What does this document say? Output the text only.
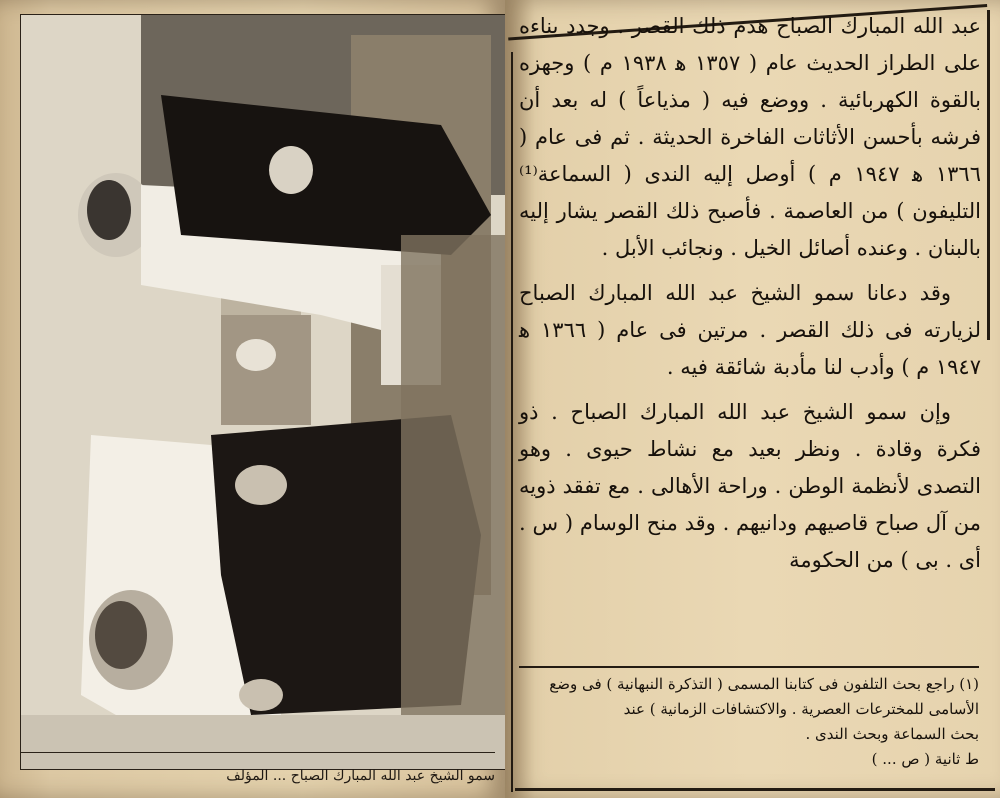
سمو الشيخ عبد الله المبارك الصباح ... المؤلف

عبد الله المبارك الصباح هدم ذلك القصر . وجدد بناءه على الطراز الحديث عام ( ١٣٥٧ ﻫ ١٩٣٨ م ) وجهزه بالقوة الكهربائية . ووضع فيه ( مذياعاً ) له بعد أن فرشه بأحسن الأثاثات الفاخرة الحديثة . ثم فى عام ( ١٣٦٦ ﻫ ١٩٤٧ م ) أوصل إليه الندى ( السماعة⁽¹⁾ التليفون ) من العاصمة . فأصبح ذلك القصر يشار إليه بالبنان . وعنده أصائل الخيل . ونجائب الأبل .

وقد دعانا سمو الشيخ عبد الله المبارك الصباح لزيارته فى ذلك القصر . مرتين فى عام ( ١٣٦٦ ﻫ ١٩٤٧ م ) وأدب لنا مأدبة شائقة فيه .

وإن سمو الشيخ عبد الله المبارك الصباح . ذو فكرة وقادة . ونظر بعيد مع نشاط حيوى . وهو التصدى لأنظمة الوطن . وراحة الأهالى . مع تفقد ذويه من آل صباح قاصيهم ودانيهم . وقد منح الوسام ( س . أى . بى ) من الحكومة

(١) راجع بحث التلفون فى كتابنا المسمى ( التذكرة النبهانية ) فى وضع الأسامى للمخترعات العصرية . والاكتشافات الزمانية ) عند

بحث السماعة وبحث الندى .

ط ثانية ( ص ... )
